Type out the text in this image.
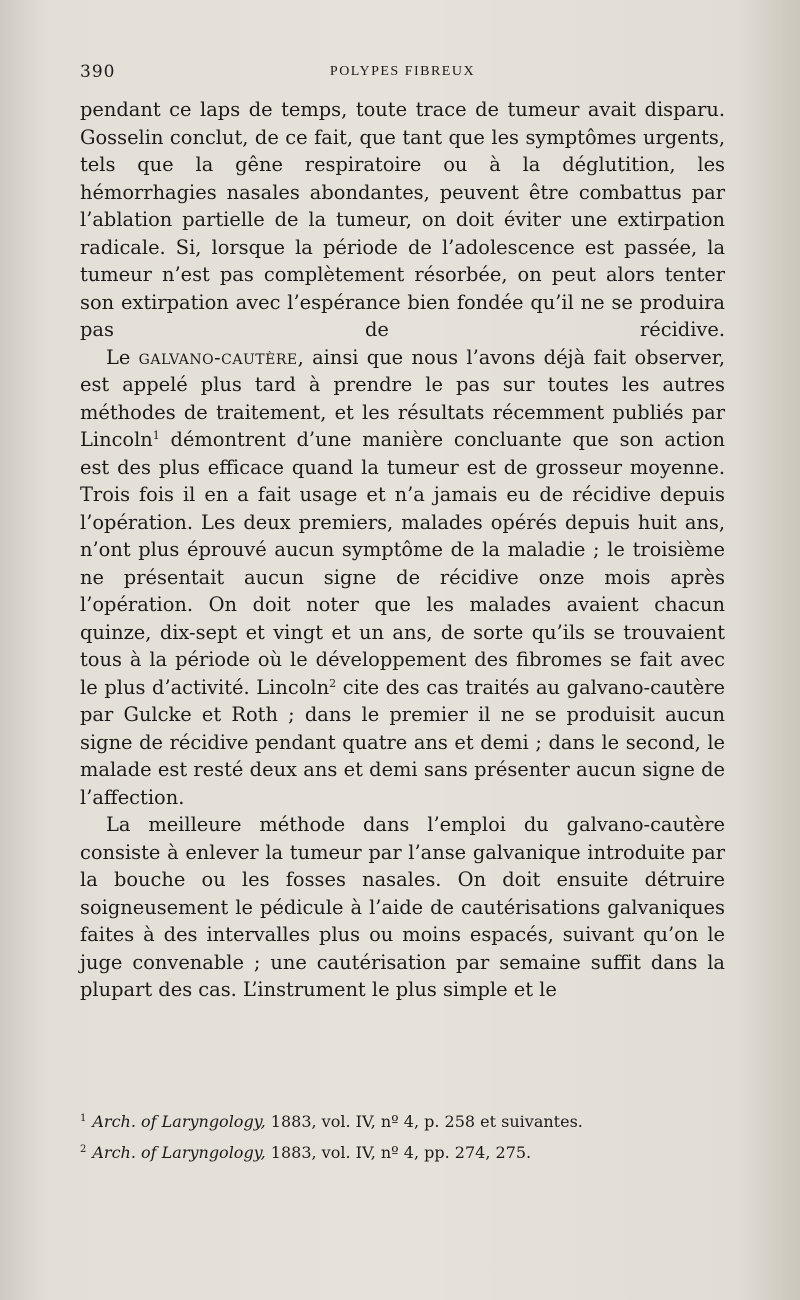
390	POLYPES FIBREUX

pendant ce laps de temps, toute trace de tumeur avait disparu. Gosselin conclut, de ce fait, que tant que les symptômes urgents, tels que la gêne respiratoire ou à la déglutition, les hémorrhagies nasales abondantes, peuvent être combattus par l’ablation partielle de la tumeur, on doit éviter une extirpation radicale. Si, lorsque la période de l’adolescence est passée, la tumeur n’est pas complètement résorbée, on peut alors tenter son extirpation avec l’espérance bien fondée qu’il ne se produira pas de récidive.

Le galvano-cautère, ainsi que nous l’avons déjà fait observer, est appelé plus tard à prendre le pas sur toutes les autres méthodes de traitement, et les résultats récemment publiés par Lincoln$^1$ démontrent d’une manière concluante que son action est des plus efficace quand la tumeur est de grosseur moyenne. Trois fois il en a fait usage et n’a jamais eu de récidive depuis l’opération. Les deux premiers, malades opérés depuis huit ans, n’ont plus éprouvé aucun symptôme de la maladie ; le troisième ne présentait aucun signe de récidive onze mois après l’opération. On doit noter que les malades avaient chacun quinze, dix-sept et vingt et un ans, de sorte qu’ils se trouvaient tous à la période où le développement des fibromes se fait avec le plus d’activité. Lincoln$^2$ cite des cas traités au galvano-cautère par Gulcke et Roth ; dans le premier il ne se produisit aucun signe de récidive pendant quatre ans et demi ; dans le second, le malade est resté deux ans et demi sans présenter aucun signe de l’affection.

La meilleure méthode dans l’emploi du galvano-cautère consiste à enlever la tumeur par l’anse galvanique introduite par la bouche ou les fosses nasales. On doit ensuite détruire soigneusement le pédicule à l’aide de cautérisations galvaniques faites à des intervalles plus ou moins espacés, suivant qu’on le juge convenable ; une cautérisation par semaine suffit dans la plupart des cas. L’instrument le plus simple et le

$^1$ Arch. of Laryngology, 1883, vol. IV, nº 4, p. 258 et suivantes.

$^2$ Arch. of Laryngology, 1883, vol. IV, nº 4, pp. 274, 275.
